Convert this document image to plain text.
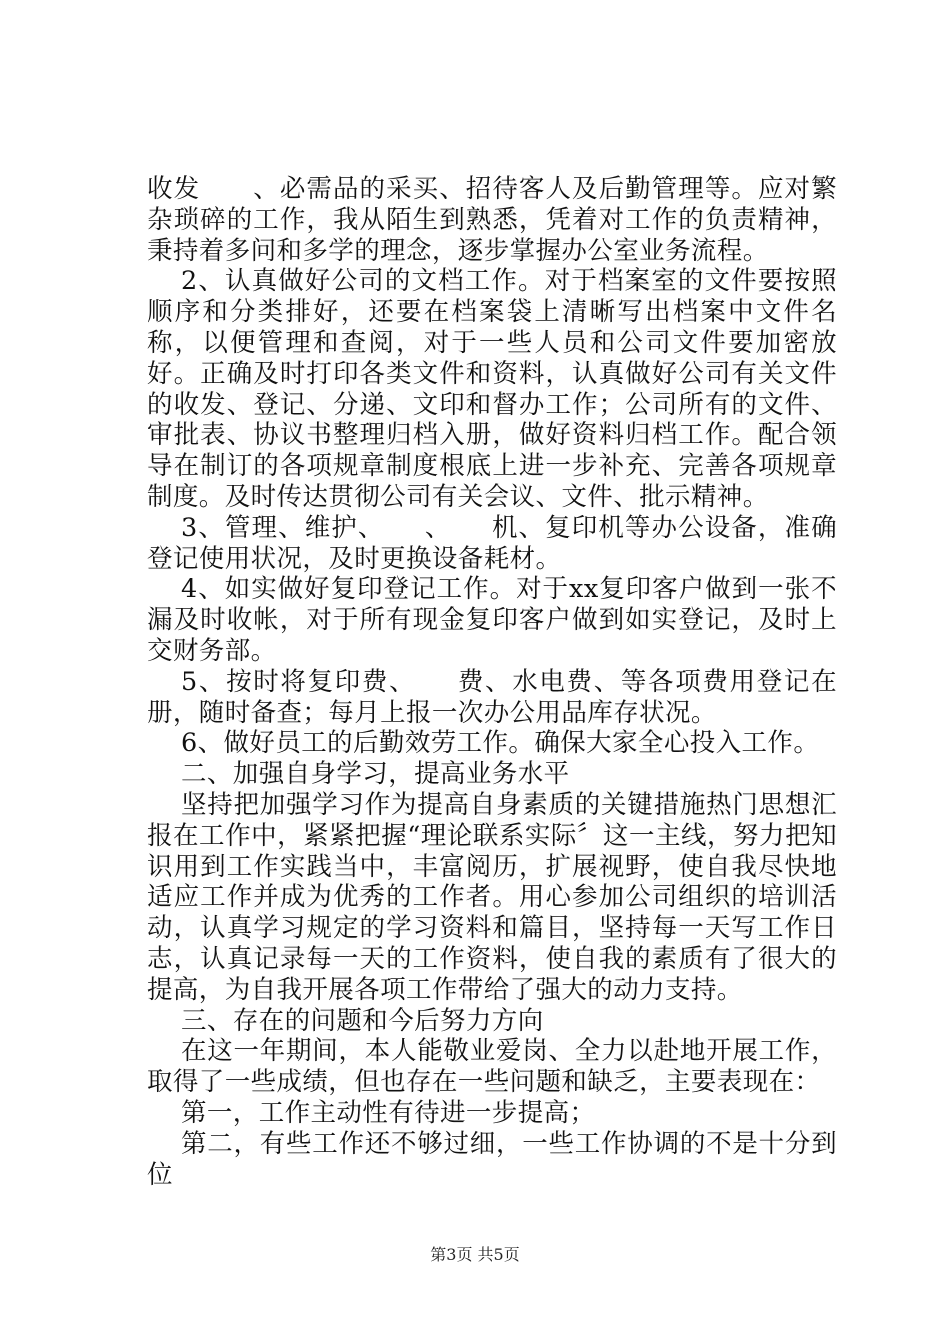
收发　　、必需品的采买、招待客人及后勤管理等。应对繁杂琐碎的工作，我从陌生到熟悉，凭着对工作的负责精神，秉持着多问和多学的理念，逐步掌握办公室业务流程。

2、认真做好公司的文档工作。对于档案室的文件要按照顺序和分类排好，还要在档案袋上清晰写出档案中文件名称，以便管理和查阅，对于一些人员和公司文件要加密放好。正确及时打印各类文件和资料，认真做好公司有关文件的收发、登记、分递、文印和督办工作；公司所有的文件、审批表、协议书整理归档入册，做好资料归档工作。配合领导在制订的各项规章制度根底上进一步补充、完善各项规章制度。及时传达贯彻公司有关会议、文件、批示精神。

3、管理、维护、　　、　　机、复印机等办公设备，准确登记使用状况，及时更换设备耗材。

4、如实做好复印登记工作。对于xx复印客户做到一张不漏及时收帐，对于所有现金复印客户做到如实登记，及时上交财务部。

5、按时将复印费、　　费、水电费、等各项费用登记在册，随时备查；每月上报一次办公用品库存状况。

6、做好员工的后勤效劳工作。确保大家全心投入工作。

二、加强自身学习，提高业务水平

坚持把加强学习作为提高自身素质的关键措施热门思想汇报在工作中，紧紧把握“理论联系实际〞这一主线，努力把知识用到工作实践当中，丰富阅历，扩展视野，使自我尽快地适应工作并成为优秀的工作者。用心参加公司组织的培训活动，认真学习规定的学习资料和篇目，坚持每一天写工作日志，认真记录每一天的工作资料，使自我的素质有了很大的提高，为自我开展各项工作带给了强大的动力支持。

三、存在的问题和今后努力方向

在这一年期间，本人能敬业爱岗、全力以赴地开展工作，取得了一些成绩，但也存在一些问题和缺乏，主要表现在：

第一，工作主动性有待进一步提高；

第二，有些工作还不够过细，一些工作协调的不是十分到位

第3页 共5页
